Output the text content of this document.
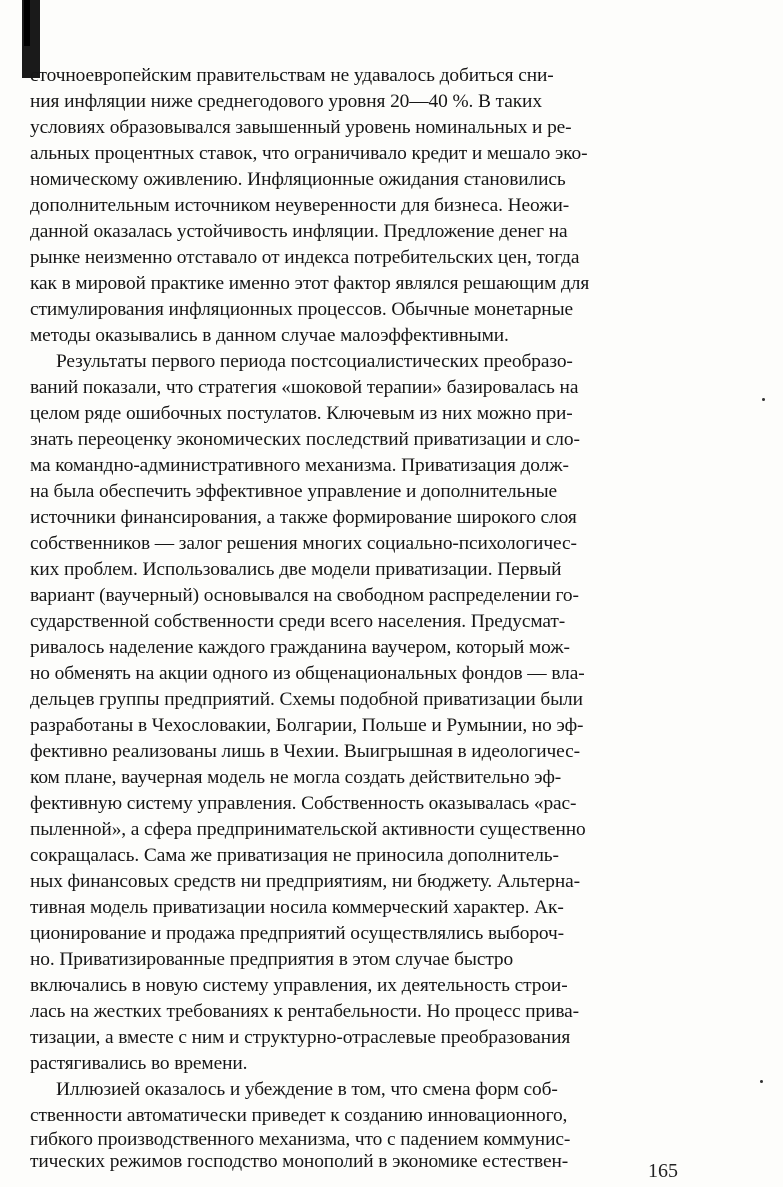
сточноевропейским правительствам не удавалось добиться сни-
ния инфляции ниже среднегодового уровня 20—40 %. В таких
условиях образовывался завышенный уровень номинальных и ре-
альных процентных ставок, что ограничивало кредит и мешало эко-
номическому оживлению. Инфляционные ожидания становились
дополнительным источником неуверенности для бизнеса. Неожи-
данной оказалась устойчивость инфляции. Предложение денег на
рынке неизменно отставало от индекса потребительских цен, тогда
как в мировой практике именно этот фактор являлся решающим для
стимулирования инфляционных процессов. Обычные монетарные
методы оказывались в данном случае малоэффективными.
Результаты первого периода постсоциалистических преобразо-
ваний показали, что стратегия «шоковой терапии» базировалась на
целом ряде ошибочных постулатов. Ключевым из них можно при-
знать переоценку экономических последствий приватизации и сло-
ма командно-административного механизма. Приватизация долж-
на была обеспечить эффективное управление и дополнительные
источники финансирования, а также формирование широкого слоя
собственников — залог решения многих социально-психологичес-
ких проблем. Использовались две модели приватизации. Первый
вариант (ваучерный) основывался на свободном распределении го-
сударственной собственности среди всего населения. Предусмат-
ривалось наделение каждого гражданина ваучером, который мож-
но обменять на акции одного из общенациональных фондов — вла-
дельцев группы предприятий. Схемы подобной приватизации были
разработаны в Чехословакии, Болгарии, Польше и Румынии, но эф-
фективно реализованы лишь в Чехии. Выигрышная в идеологичес-
ком плане, ваучерная модель не могла создать действительно эф-
фективную систему управления. Собственность оказывалась «рас-
пыленной», а сфера предпринимательской активности существенно
сокращалась. Сама же приватизация не приносила дополнитель-
ных финансовых средств ни предприятиям, ни бюджету. Альтерна-
тивная модель приватизации носила коммерческий характер. Ак-
ционирование и продажа предприятий осуществлялись выбороч-
но. Приватизированные предприятия в этом случае быстро
включались в новую систему управления, их деятельность строи-
лась на жестких требованиях к рентабельности. Но процесс прива-
тизации, а вместе с ним и структурно-отраслевые преобразования
растягивались во времени.
Иллюзией оказалось и убеждение в том, что смена форм соб-
ственности автоматически приведет к созданию инновационного,
гибкого производственного механизма, что с падением коммунис-
тических режимов господство монополий в экономике естествен-	165
